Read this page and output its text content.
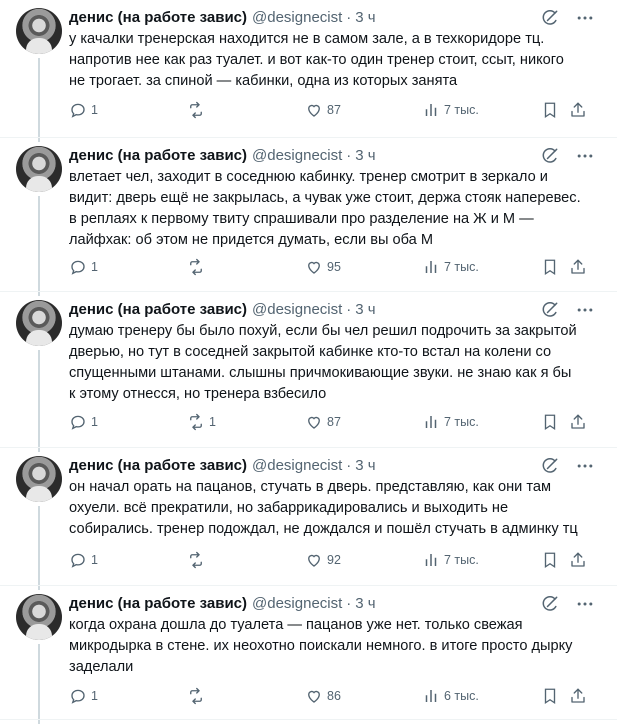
денис (на работе завис) @designecist · 3 ч
у качалки тренерская находится не в самом зале, а в техкоридоре тц.
напротив нее как раз туалет. и вот как-то один тренер стоит, ссыт, никого
не трогает. за спиной — кабинки, одна из которых занята
1	87	7 тыс.
денис (на работе завис) @designecist · 3 ч
влетает чел, заходит в соседнюю кабинку. тренер смотрит в зеркало и
видит: дверь ещё не закрылась, а чувак уже стоит, держа стояк наперевес.
в реплаях к первому твиту спрашивали про разделение на Ж и М —
лайфхак: об этом не придется думать, если вы оба М
1	95	7 тыс.
денис (на работе завис) @designecist · 3 ч
думаю тренеру бы было похуй, если бы чел решил подрочить за закрытой
дверью, но тут в соседней закрытой кабинке кто-то встал на колени со
спущенными штанами. слышны причмокивающие звуки. не знаю как я бы
к этому отнесся, но тренера взбесило
1	1	87	7 тыс.
денис (на работе завис) @designecist · 3 ч
он начал орать на пацанов, стучать в дверь. представляю, как они там
охуели. всё прекратили, но забаррикадировались и выходить не
собирались. тренер подождал, не дождался и пошёл стучать в админку тц
1	92	7 тыс.
денис (на работе завис) @designecist · 3 ч
когда охрана дошла до туалета — пацанов уже нет. только свежая
микродырка в стене. их неохотно поискали немного. в итоге просто дырку
заделали
1	86	6 тыс.
